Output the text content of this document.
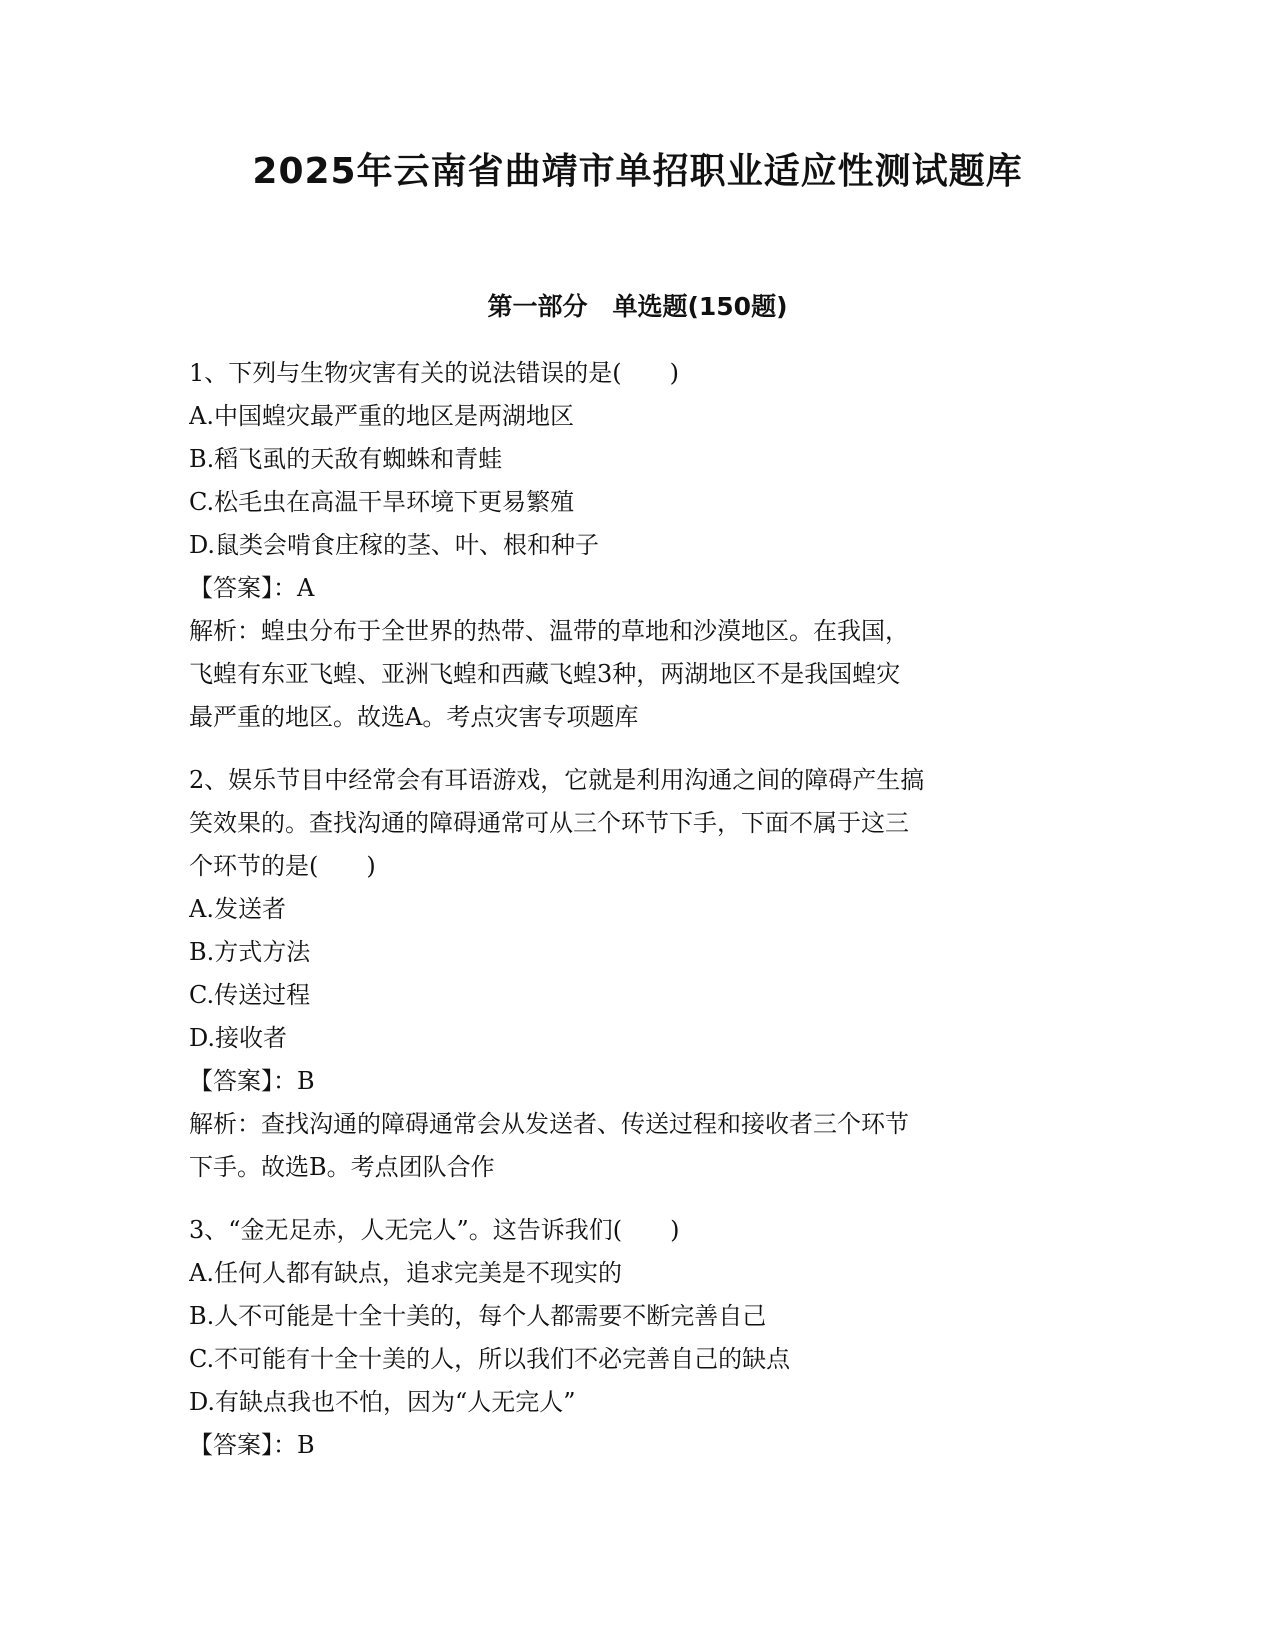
2025年云南省曲靖市单招职业适应性测试题库
第一部分　单选题(150题)
1、下列与生物灾害有关的说法错误的是(　　)
A.中国蝗灾最严重的地区是两湖地区
B.稻飞虱的天敌有蜘蛛和青蛙
C.松毛虫在高温干旱环境下更易繁殖
D.鼠类会啃食庄稼的茎、叶、根和种子
【答案】：A
解析：蝗虫分布于全世界的热带、温带的草地和沙漠地区。在我国，
飞蝗有东亚飞蝗、亚洲飞蝗和西藏飞蝗3种，两湖地区不是我国蝗灾
最严重的地区。故选A。考点灾害专项题库
2、娱乐节目中经常会有耳语游戏，它就是利用沟通之间的障碍产生搞
笑效果的。查找沟通的障碍通常可从三个环节下手，下面不属于这三
个环节的是(　　)
A.发送者
B.方式方法
C.传送过程
D.接收者
【答案】：B
解析：查找沟通的障碍通常会从发送者、传送过程和接收者三个环节
下手。故选B。考点团队合作
3、“金无足赤，人无完人”。这告诉我们(　　)
A.任何人都有缺点，追求完美是不现实的
B.人不可能是十全十美的，每个人都需要不断完善自己
C.不可能有十全十美的人，所以我们不必完善自己的缺点
D.有缺点我也不怕，因为“人无完人”
【答案】：B
